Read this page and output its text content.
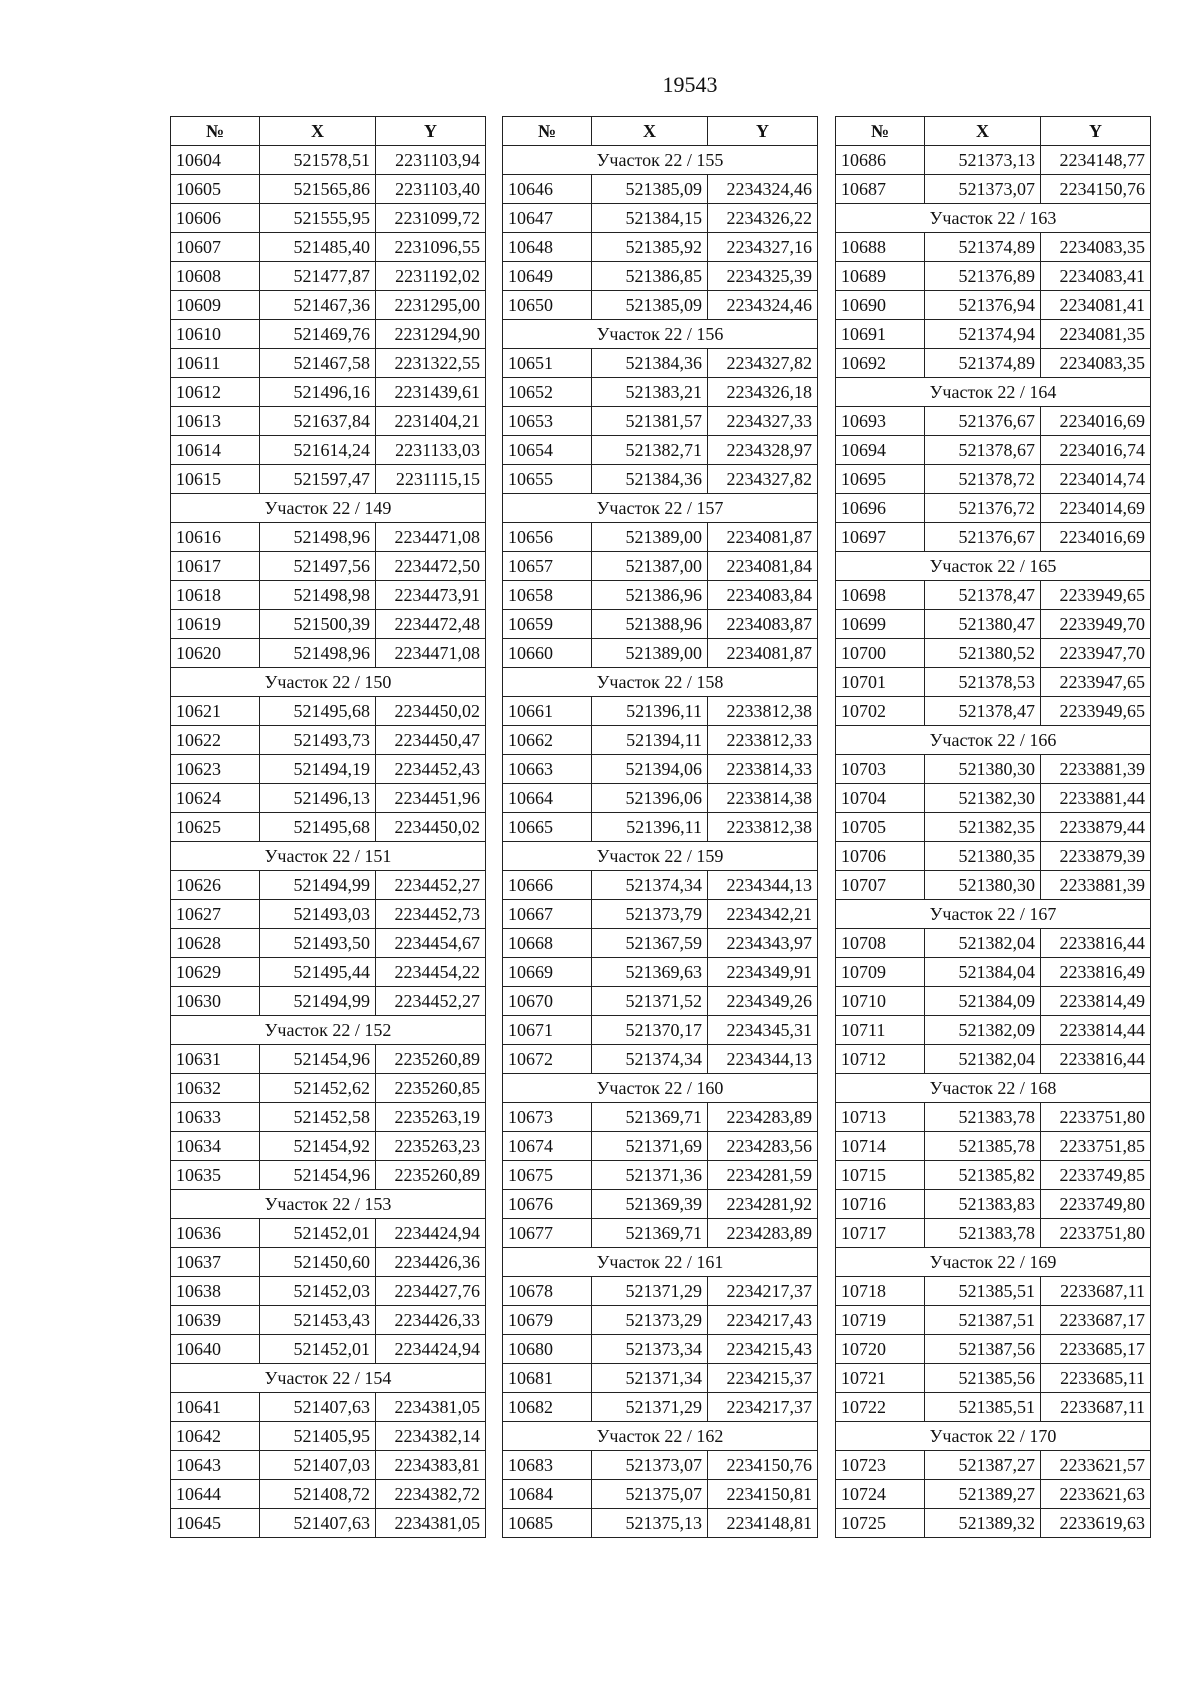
19543
№	X	Y
10604	521578,51	2231103,94
10605	521565,86	2231103,40
10606	521555,95	2231099,72
10607	521485,40	2231096,55
10608	521477,87	2231192,02
10609	521467,36	2231295,00
10610	521469,76	2231294,90
10611	521467,58	2231322,55
10612	521496,16	2231439,61
10613	521637,84	2231404,21
10614	521614,24	2231133,03
10615	521597,47	2231115,15
Участок 22 / 149		
10616	521498,96	2234471,08
10617	521497,56	2234472,50
10618	521498,98	2234473,91
10619	521500,39	2234472,48
10620	521498,96	2234471,08
Участок 22 / 150		
10621	521495,68	2234450,02
10622	521493,73	2234450,47
10623	521494,19	2234452,43
10624	521496,13	2234451,96
10625	521495,68	2234450,02
Участок 22 / 151		
10626	521494,99	2234452,27
10627	521493,03	2234452,73
10628	521493,50	2234454,67
10629	521495,44	2234454,22
10630	521494,99	2234452,27
Участок 22 / 152		
10631	521454,96	2235260,89
10632	521452,62	2235260,85
10633	521452,58	2235263,19
10634	521454,92	2235263,23
10635	521454,96	2235260,89
Участок 22 / 153		
10636	521452,01	2234424,94
10637	521450,60	2234426,36
10638	521452,03	2234427,76
10639	521453,43	2234426,33
10640	521452,01	2234424,94
Участок 22 / 154		
10641	521407,63	2234381,05
10642	521405,95	2234382,14
10643	521407,03	2234383,81
10644	521408,72	2234382,72
10645	521407,63	2234381,05
№	X	Y
Участок 22 / 155		
10646	521385,09	2234324,46
10647	521384,15	2234326,22
10648	521385,92	2234327,16
10649	521386,85	2234325,39
10650	521385,09	2234324,46
Участок 22 / 156		
10651	521384,36	2234327,82
10652	521383,21	2234326,18
10653	521381,57	2234327,33
10654	521382,71	2234328,97
10655	521384,36	2234327,82
Участок 22 / 157		
10656	521389,00	2234081,87
10657	521387,00	2234081,84
10658	521386,96	2234083,84
10659	521388,96	2234083,87
10660	521389,00	2234081,87
Участок 22 / 158		
10661	521396,11	2233812,38
10662	521394,11	2233812,33
10663	521394,06	2233814,33
10664	521396,06	2233814,38
10665	521396,11	2233812,38
Участок 22 / 159		
10666	521374,34	2234344,13
10667	521373,79	2234342,21
10668	521367,59	2234343,97
10669	521369,63	2234349,91
10670	521371,52	2234349,26
10671	521370,17	2234345,31
10672	521374,34	2234344,13
Участок 22 / 160		
10673	521369,71	2234283,89
10674	521371,69	2234283,56
10675	521371,36	2234281,59
10676	521369,39	2234281,92
10677	521369,71	2234283,89
Участок 22 / 161		
10678	521371,29	2234217,37
10679	521373,29	2234217,43
10680	521373,34	2234215,43
10681	521371,34	2234215,37
10682	521371,29	2234217,37
Участок 22 / 162		
10683	521373,07	2234150,76
10684	521375,07	2234150,81
10685	521375,13	2234148,81
№	X	Y
10686	521373,13	2234148,77
10687	521373,07	2234150,76
Участок 22 / 163		
10688	521374,89	2234083,35
10689	521376,89	2234083,41
10690	521376,94	2234081,41
10691	521374,94	2234081,35
10692	521374,89	2234083,35
Участок 22 / 164		
10693	521376,67	2234016,69
10694	521378,67	2234016,74
10695	521378,72	2234014,74
10696	521376,72	2234014,69
10697	521376,67	2234016,69
Участок 22 / 165		
10698	521378,47	2233949,65
10699	521380,47	2233949,70
10700	521380,52	2233947,70
10701	521378,53	2233947,65
10702	521378,47	2233949,65
Участок 22 / 166		
10703	521380,30	2233881,39
10704	521382,30	2233881,44
10705	521382,35	2233879,44
10706	521380,35	2233879,39
10707	521380,30	2233881,39
Участок 22 / 167		
10708	521382,04	2233816,44
10709	521384,04	2233816,49
10710	521384,09	2233814,49
10711	521382,09	2233814,44
10712	521382,04	2233816,44
Участок 22 / 168		
10713	521383,78	2233751,80
10714	521385,78	2233751,85
10715	521385,82	2233749,85
10716	521383,83	2233749,80
10717	521383,78	2233751,80
Участок 22 / 169		
10718	521385,51	2233687,11
10719	521387,51	2233687,17
10720	521387,56	2233685,17
10721	521385,56	2233685,11
10722	521385,51	2233687,11
Участок 22 / 170		
10723	521387,27	2233621,57
10724	521389,27	2233621,63
10725	521389,32	2233619,63
